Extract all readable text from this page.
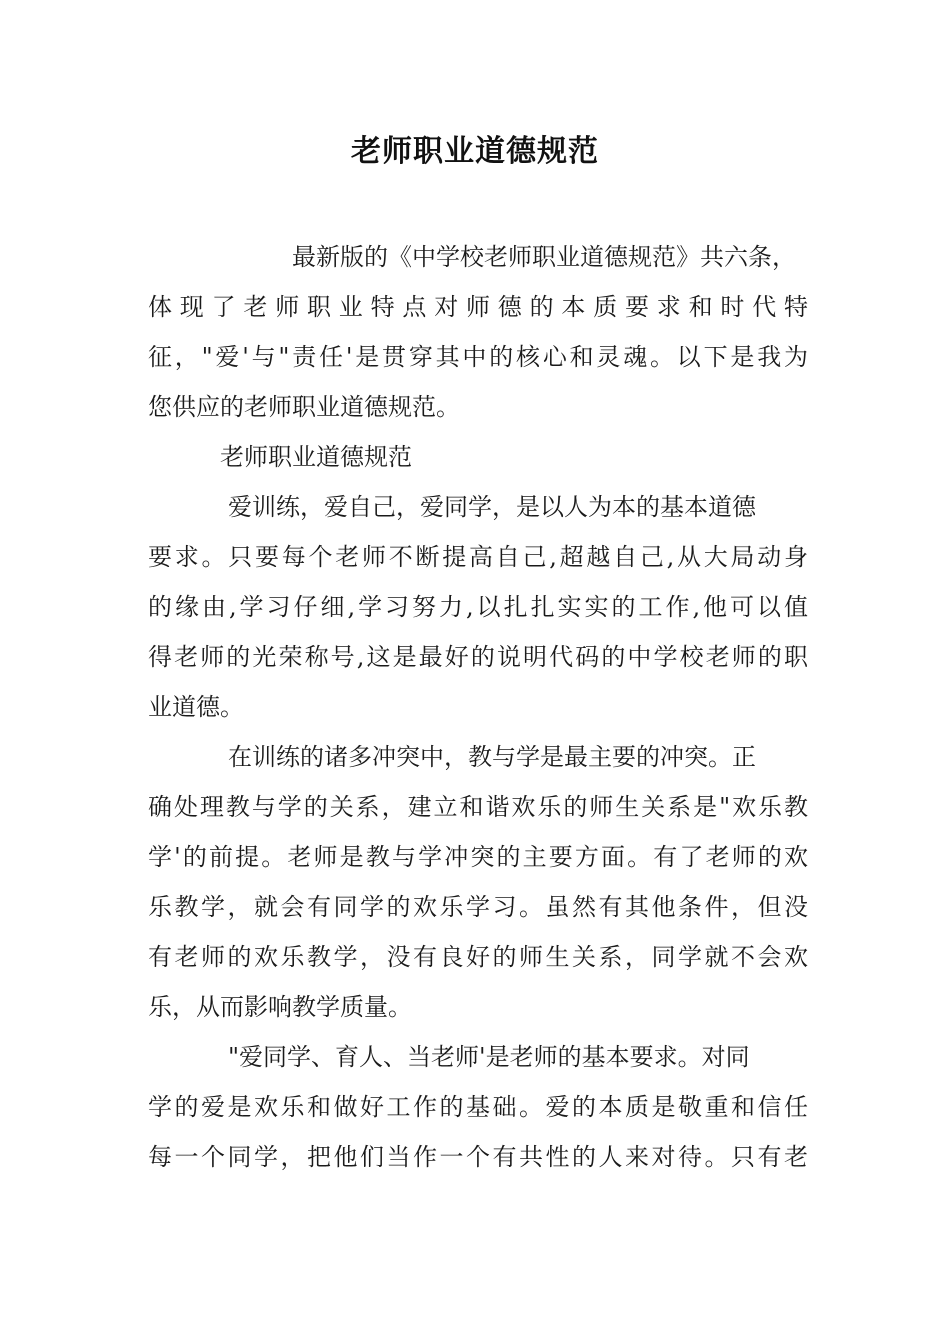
老师职业道德规范
最新版的《中学校老师职业道德规范》共六条，
体现了老师职业特点对师德的本质要求和时代特
征，"爱'与"责任'是贯穿其中的核心和灵魂。以下是我为
您供应的老师职业道德规范。
老师职业道德规范
爱训练，爱自己，爱同学，是以人为本的基本道德
要求。只要每个老师不断提高自己,超越自己,从大局动身
的缘由,学习仔细,学习努力,以扎扎实实的工作,他可以值
得老师的光荣称号,这是最好的说明代码的中学校老师的职
业道德。
在训练的诸多冲突中，教与学是最主要的冲突。正
确处理教与学的关系，建立和谐欢乐的师生关系是"欢乐教
学'的前提。老师是教与学冲突的主要方面。有了老师的欢
乐教学，就会有同学的欢乐学习。虽然有其他条件，但没
有老师的欢乐教学，没有良好的师生关系，同学就不会欢
乐，从而影响教学质量。
"爱同学、育人、当老师'是老师的基本要求。对同
学的爱是欢乐和做好工作的基础。爱的本质是敬重和信任
每一个同学，把他们当作一个有共性的人来对待。只有老
